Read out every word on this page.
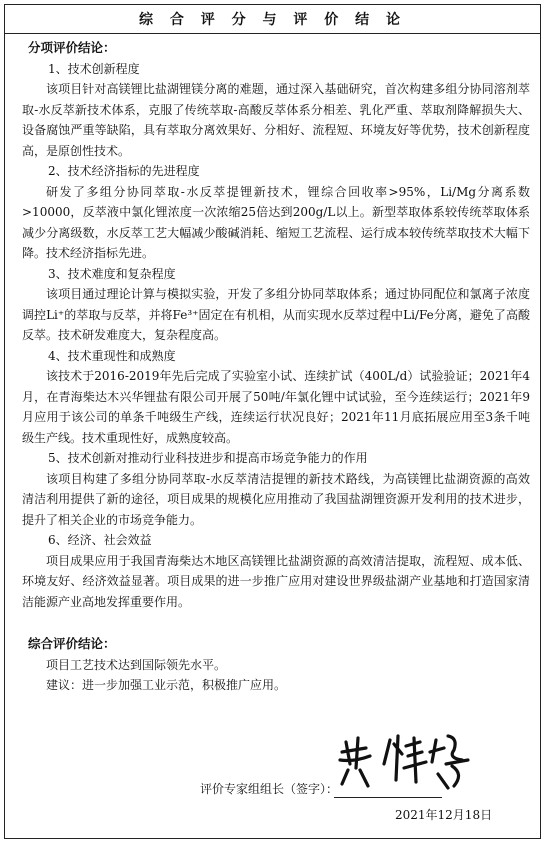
综 合 评 分 与 评 价 结 论

分项评价结论：

1、技术创新程度

该项目针对高镁锂比盐湖锂镁分离的难题，通过深入基础研究，首次构建多组分协同溶剂萃取-水反萃新技术体系，克服了传统萃取-高酸反萃体系分相差、乳化严重、萃取剂降解损失大、设备腐蚀严重等缺陷，具有萃取分离效果好、分相好、流程短、环境友好等优势，技术创新程度高，是原创性技术。

2、技术经济指标的先进程度

研发了多组分协同萃取-水反萃提锂新技术，锂综合回收率>95%，Li/Mg分离系数>10000，反萃液中氯化锂浓度一次浓缩25倍达到200g/L以上。新型萃取体系较传统萃取体系减少分离级数，水反萃工艺大幅减少酸碱消耗、缩短工艺流程、运行成本较传统萃取技术大幅下降。技术经济指标先进。

3、技术难度和复杂程度

该项目通过理论计算与模拟实验，开发了多组分协同萃取体系；通过协同配位和氯离子浓度调控Li⁺的萃取与反萃，并将Fe³⁺固定在有机相，从而实现水反萃过程中Li/Fe分离，避免了高酸反萃。技术研发难度大，复杂程度高。

4、技术重现性和成熟度

该技术于2016-2019年先后完成了实验室小试、连续扩试（400L/d）试验验证；2021年4月，在青海柴达木兴华锂盐有限公司开展了50吨/年氯化锂中试试验，至今连续运行；2021年9月应用于该公司的单条千吨级生产线，连续运行状况良好；2021年11月底拓展应用至3条千吨级生产线。技术重现性好，成熟度较高。

5、技术创新对推动行业科技进步和提高市场竞争能力的作用

该项目构建了多组分协同萃取-水反萃清洁提锂的新技术路线，为高镁锂比盐湖资源的高效清洁利用提供了新的途径，项目成果的规模化应用推动了我国盐湖锂资源开发利用的技术进步，提升了相关企业的市场竞争能力。

6、经济、社会效益

项目成果应用于我国青海柴达木地区高镁锂比盐湖资源的高效清洁提取，流程短、成本低、环境友好、经济效益显著。项目成果的进一步推广应用对建设世界级盐湖产业基地和打造国家清洁能源产业高地发挥重要作用。

综合评价结论：

项目工艺技术达到国际领先水平。

建议：进一步加强工业示范，积极推广应用。

评价专家组组长（签字）：
2021年12月18日
